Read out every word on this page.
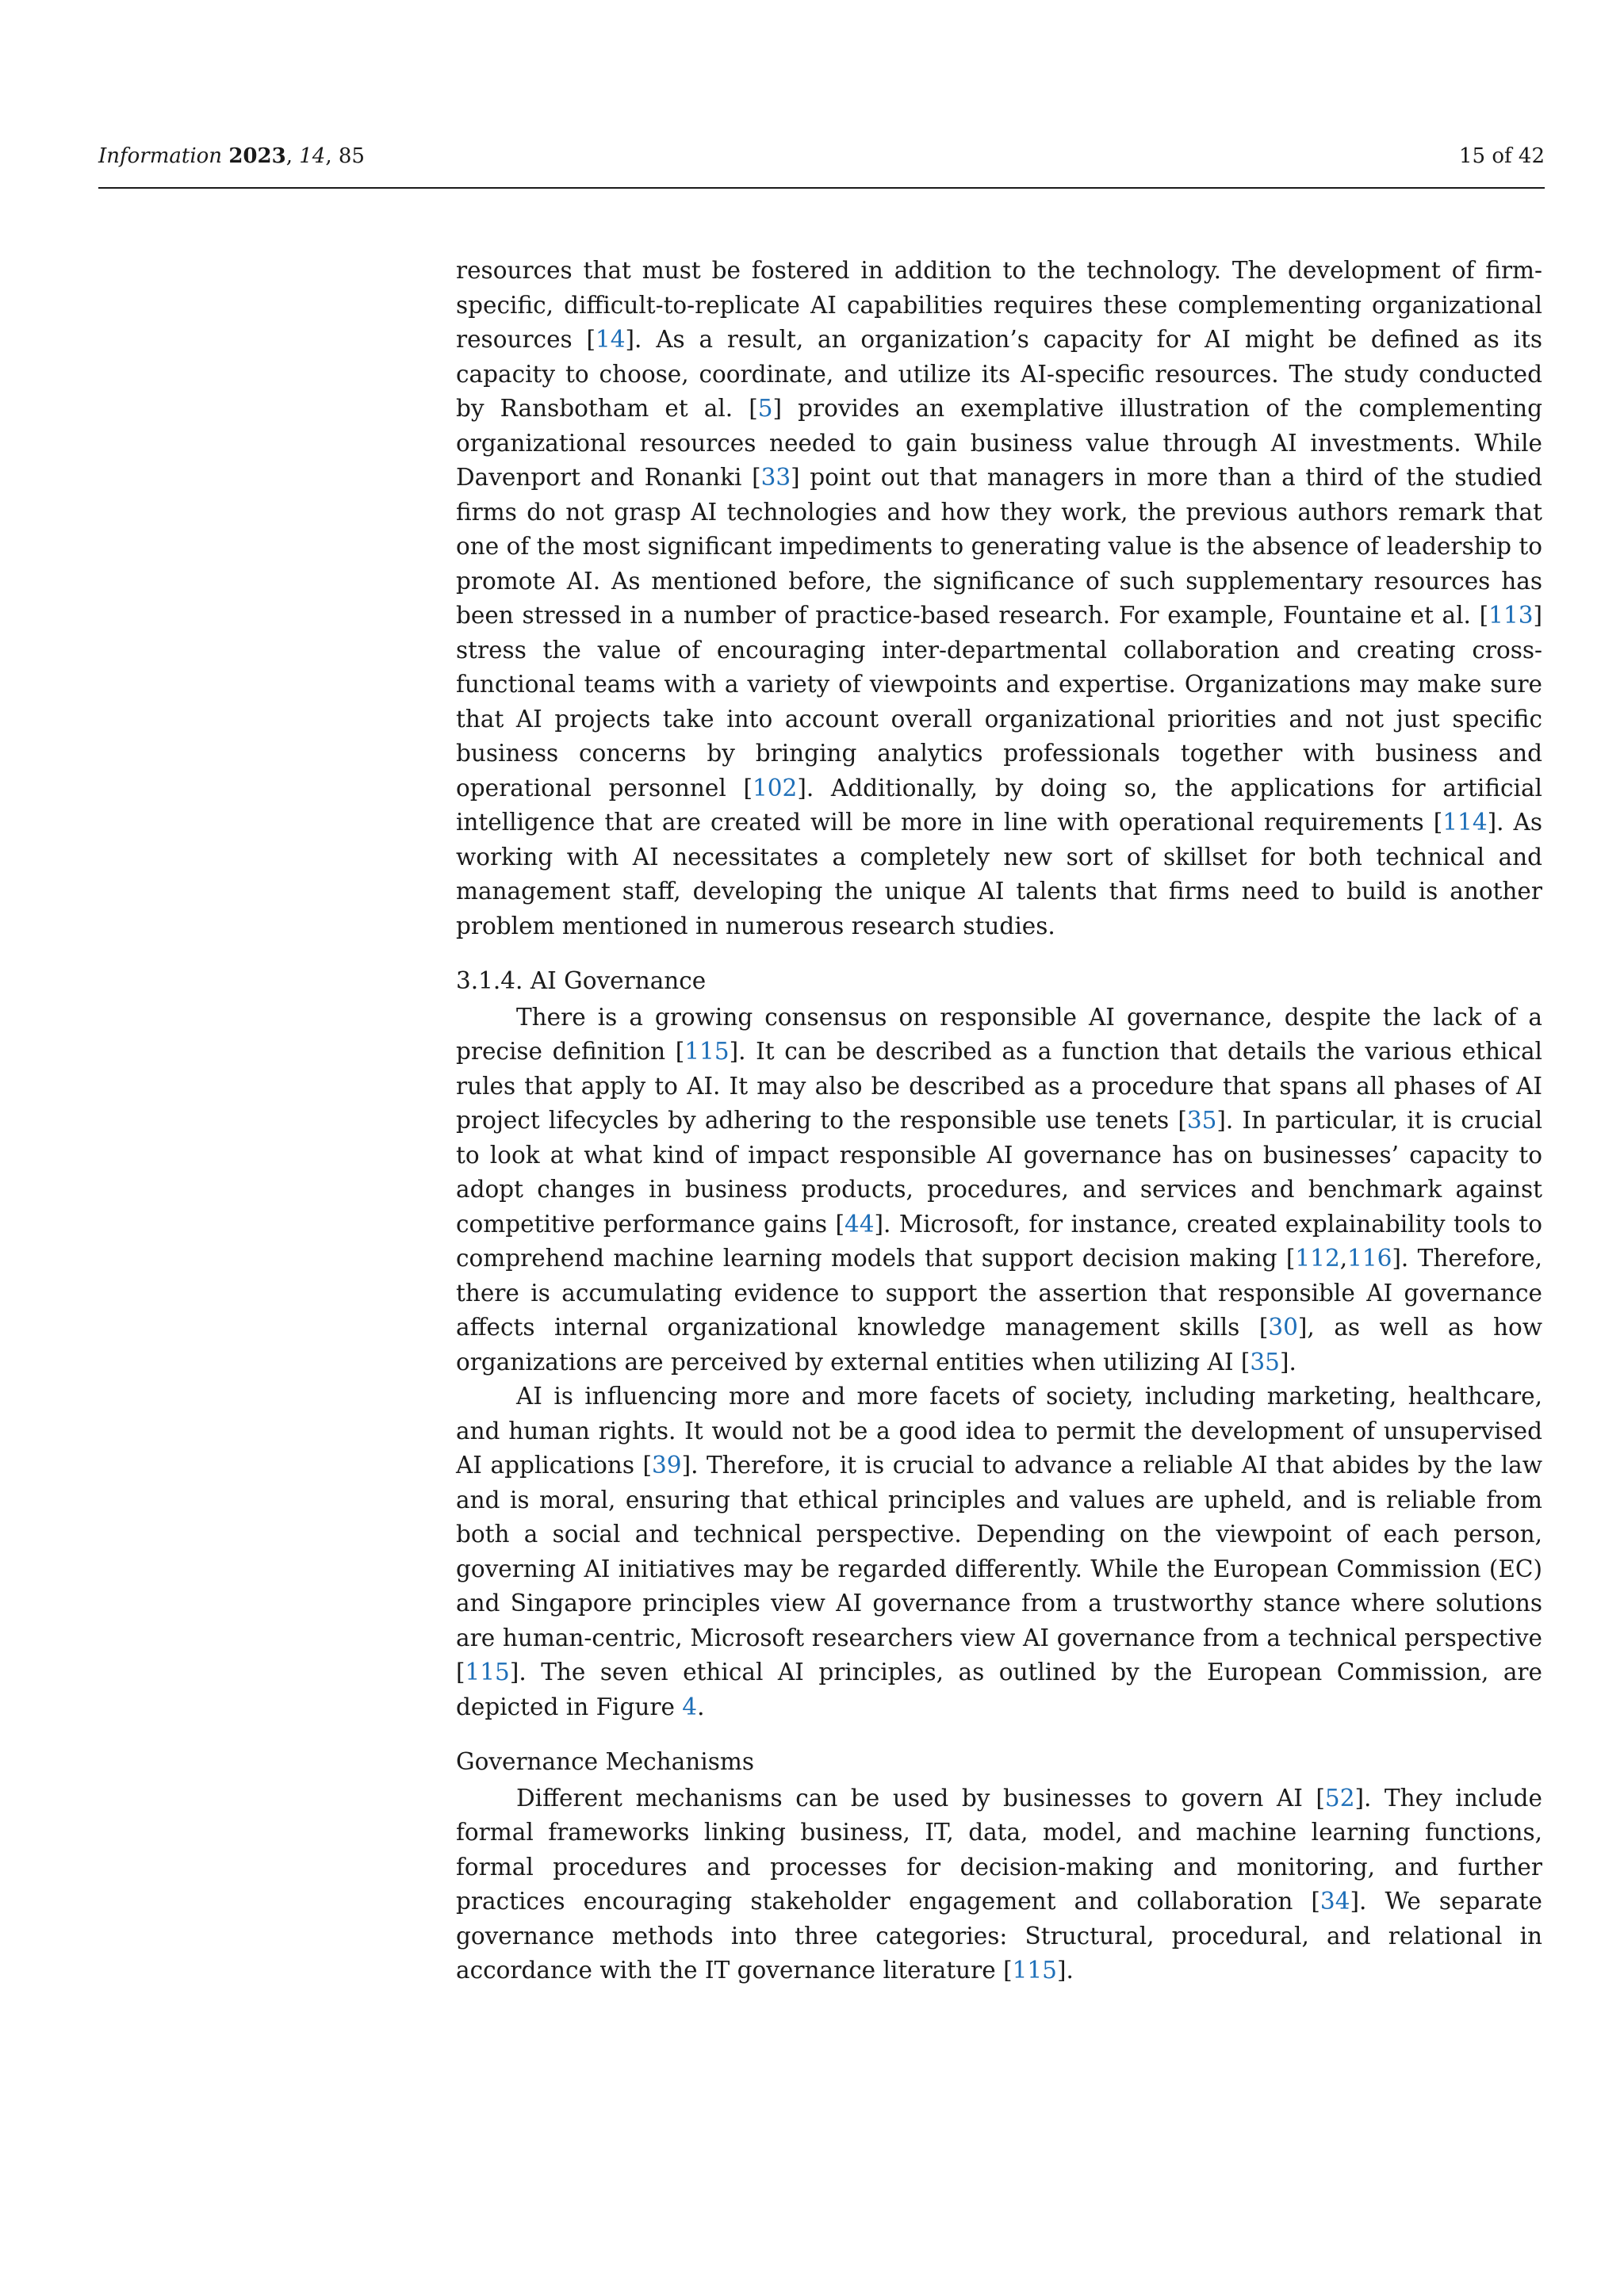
Information 2023, 14, 85	15 of 42

resources that must be fostered in addition to the technology. The development of firm-specific, difficult-to-replicate AI capabilities requires these complementing organizational resources [14]. As a result, an organization’s capacity for AI might be defined as its capacity to choose, coordinate, and utilize its AI-specific resources. The study conducted by Ransbotham et al. [5] provides an exemplative illustration of the complementing organizational resources needed to gain business value through AI investments. While Davenport and Ronanki [33] point out that managers in more than a third of the studied firms do not grasp AI technologies and how they work, the previous authors remark that one of the most significant impediments to generating value is the absence of leadership to promote AI. As mentioned before, the significance of such supplementary resources has been stressed in a number of practice-based research. For example, Fountaine et al. [113] stress the value of encouraging inter-departmental collaboration and creating cross-functional teams with a variety of viewpoints and expertise. Organizations may make sure that AI projects take into account overall organizational priorities and not just specific business concerns by bringing analytics professionals together with business and operational personnel [102]. Additionally, by doing so, the applications for artificial intelligence that are created will be more in line with operational requirements [114]. As working with AI necessitates a completely new sort of skillset for both technical and management staff, developing the unique AI talents that firms need to build is another problem mentioned in numerous research studies.

3.1.4. AI Governance

There is a growing consensus on responsible AI governance, despite the lack of a precise definition [115]. It can be described as a function that details the various ethical rules that apply to AI. It may also be described as a procedure that spans all phases of AI project lifecycles by adhering to the responsible use tenets [35]. In particular, it is crucial to look at what kind of impact responsible AI governance has on businesses’ capacity to adopt changes in business products, procedures, and services and benchmark against competitive performance gains [44]. Microsoft, for instance, created explainability tools to comprehend machine learning models that support decision making [112,116]. Therefore, there is accumulating evidence to support the assertion that responsible AI governance affects internal organizational knowledge management skills [30], as well as how organizations are perceived by external entities when utilizing AI [35].

AI is influencing more and more facets of society, including marketing, healthcare, and human rights. It would not be a good idea to permit the development of unsupervised AI applications [39]. Therefore, it is crucial to advance a reliable AI that abides by the law and is moral, ensuring that ethical principles and values are upheld, and is reliable from both a social and technical perspective. Depending on the viewpoint of each person, governing AI initiatives may be regarded differently. While the European Commission (EC) and Singapore principles view AI governance from a trustworthy stance where solutions are human-centric, Microsoft researchers view AI governance from a technical perspective [115]. The seven ethical AI principles, as outlined by the European Commission, are depicted in Figure 4.

Governance Mechanisms

Different mechanisms can be used by businesses to govern AI [52]. They include formal frameworks linking business, IT, data, model, and machine learning functions, formal procedures and processes for decision-making and monitoring, and further practices encouraging stakeholder engagement and collaboration [34]. We separate governance methods into three categories: Structural, procedural, and relational in accordance with the IT governance literature [115].
